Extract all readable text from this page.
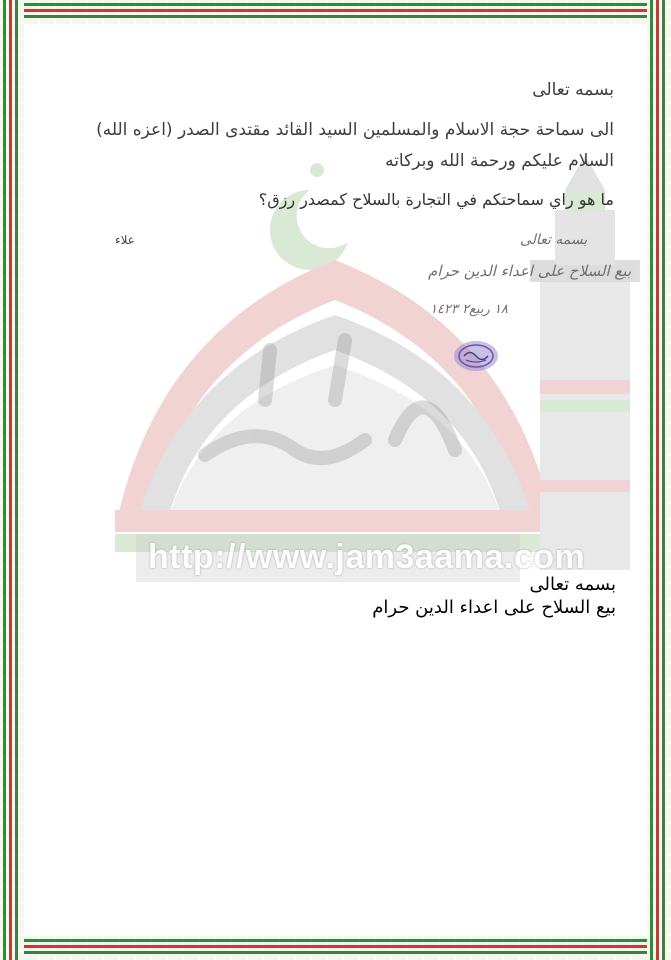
http://www.jam3aama.com
بسمه تعالى
الى سماحة حجة الاسلام والمسلمين السيد القائد مقتدى الصدر (اعزه الله)
السلام عليكم ورحمة الله وبركاته
ما هو راي سماحتكم في التجارة بالسلاح كمصدر رزق؟
علاء	بسمه تعالى
بيع السلاح على اعداء الدين حرام
١٨ ربيع٢ ١٤٢٣
بسمه تعالى
بيع السلاح على اعداء الدين حرام
